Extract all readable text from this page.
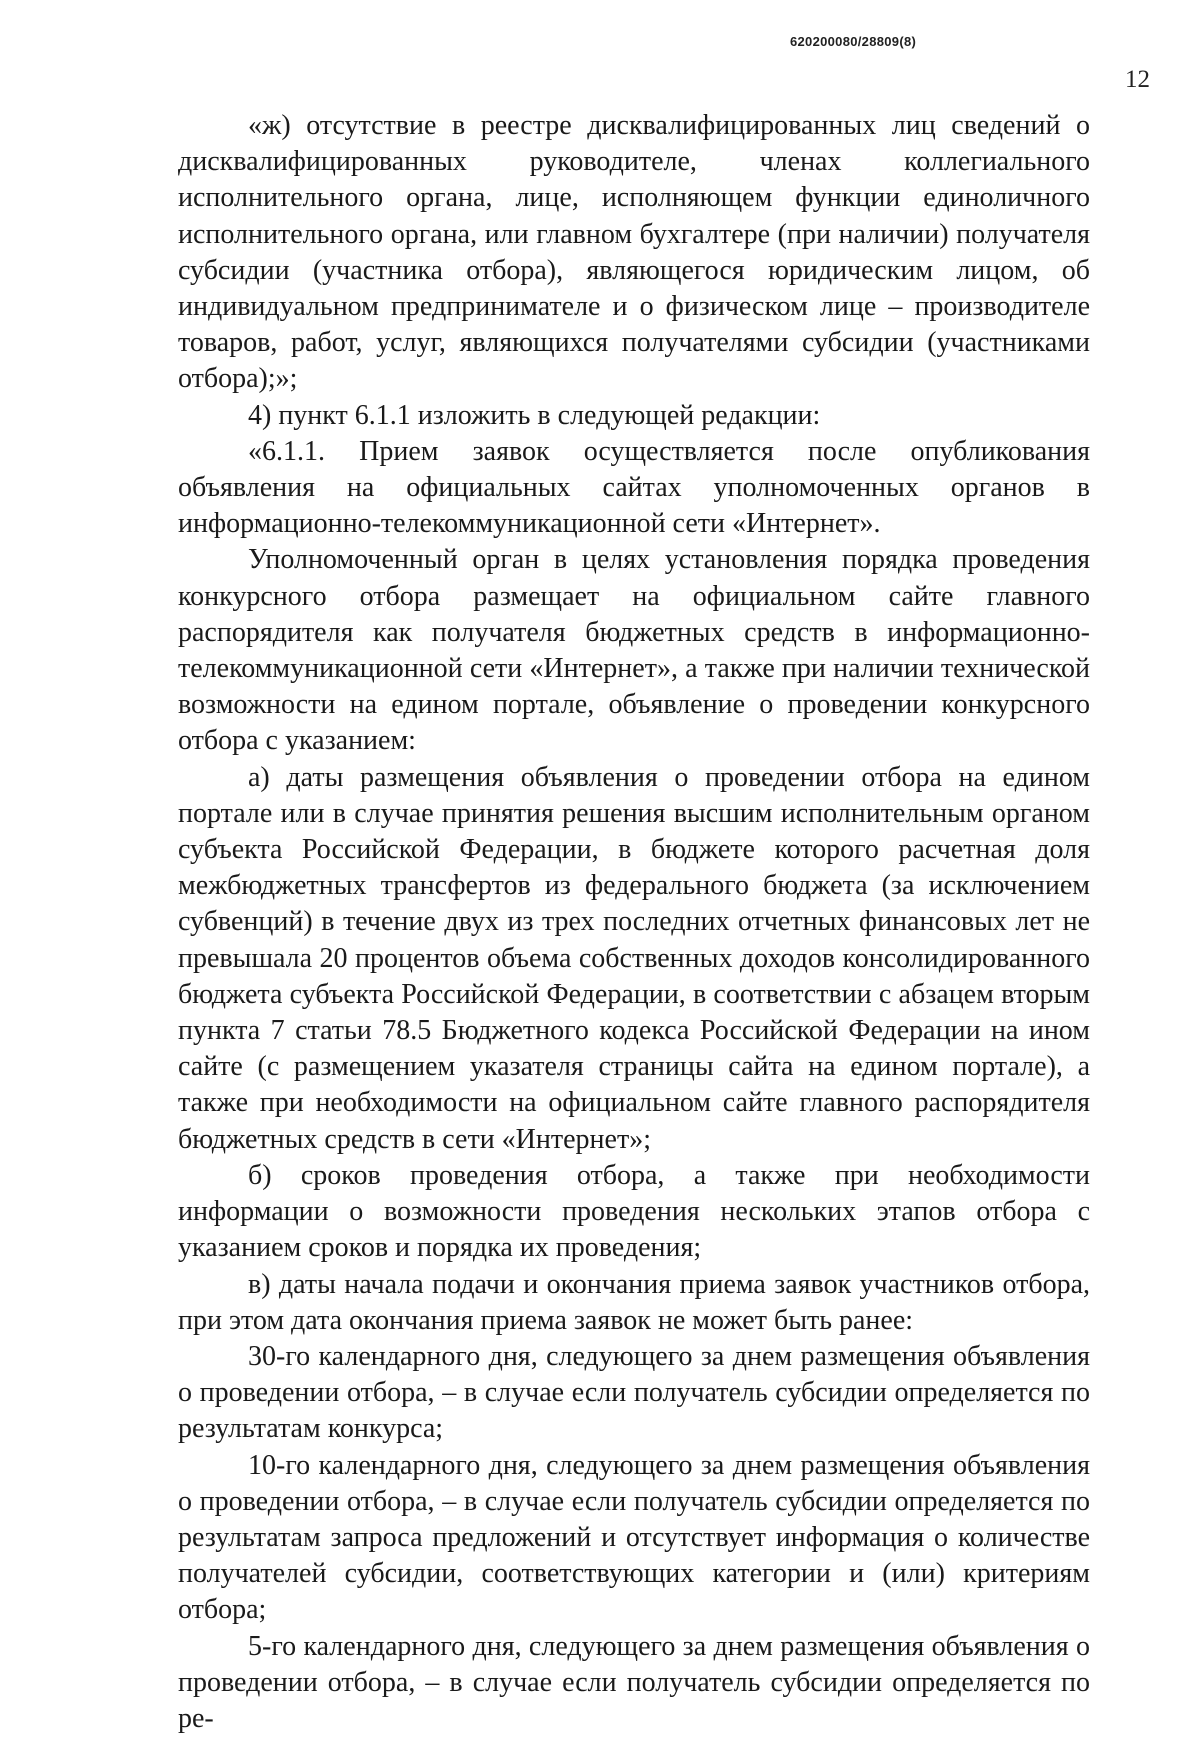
620200080/28809(8)
12

«ж) отсутствие в реестре дисквалифицированных лиц сведений о дисквалифицированных руководителе, членах коллегиального исполнительного органа, лице, исполняющем функции единоличного исполнительного органа, или главном бухгалтере (при наличии) получателя субсидии (участника отбора), являющегося юридическим лицом, об индивидуальном предпринимателе и о физическом лице – производителе товаров, работ, услуг, являющихся получателями субсидии (участниками отбора);»;

4) пункт 6.1.1 изложить в следующей редакции:

«6.1.1. Прием заявок осуществляется после опубликования объявления на официальных сайтах уполномоченных органов в информационно-телекоммуникационной сети «Интернет».

Уполномоченный орган в целях установления порядка проведения конкурсного отбора размещает на официальном сайте главного распорядителя как получателя бюджетных средств в информационно-телекоммуникационной сети «Интернет», а также при наличии технической возможности на едином портале, объявление о проведении конкурсного отбора с указанием:

а) даты размещения объявления о проведении отбора на едином портале или в случае принятия решения высшим исполнительным органом субъекта Российской Федерации, в бюджете которого расчетная доля межбюджетных трансфертов из федерального бюджета (за исключением субвенций) в течение двух из трех последних отчетных финансовых лет не превышала 20 процентов объема собственных доходов консолидированного бюджета субъекта Российской Федерации, в соответствии с абзацем вторым пункта 7 статьи 78.5 Бюджетного кодекса Российской Федерации на ином сайте (с размещением указателя страницы сайта на едином портале), а также при необходимости на официальном сайте главного распорядителя бюджетных средств в сети «Интернет»;

б) сроков проведения отбора, а также при необходимости информации о возможности проведения нескольких этапов отбора с указанием сроков и порядка их проведения;

в) даты начала подачи и окончания приема заявок участников отбора, при этом дата окончания приема заявок не может быть ранее:

30-го календарного дня, следующего за днем размещения объявления о проведении отбора, – в случае если получатель субсидии определяется по результатам конкурса;

10-го календарного дня, следующего за днем размещения объявления о проведении отбора, – в случае если получатель субсидии определяется по результатам запроса предложений и отсутствует информация о количестве получателей субсидии, соответствующих категории и (или) критериям отбора;

5-го календарного дня, следующего за днем размещения объявления о проведении отбора, – в случае если получатель субсидии определяется по ре-
